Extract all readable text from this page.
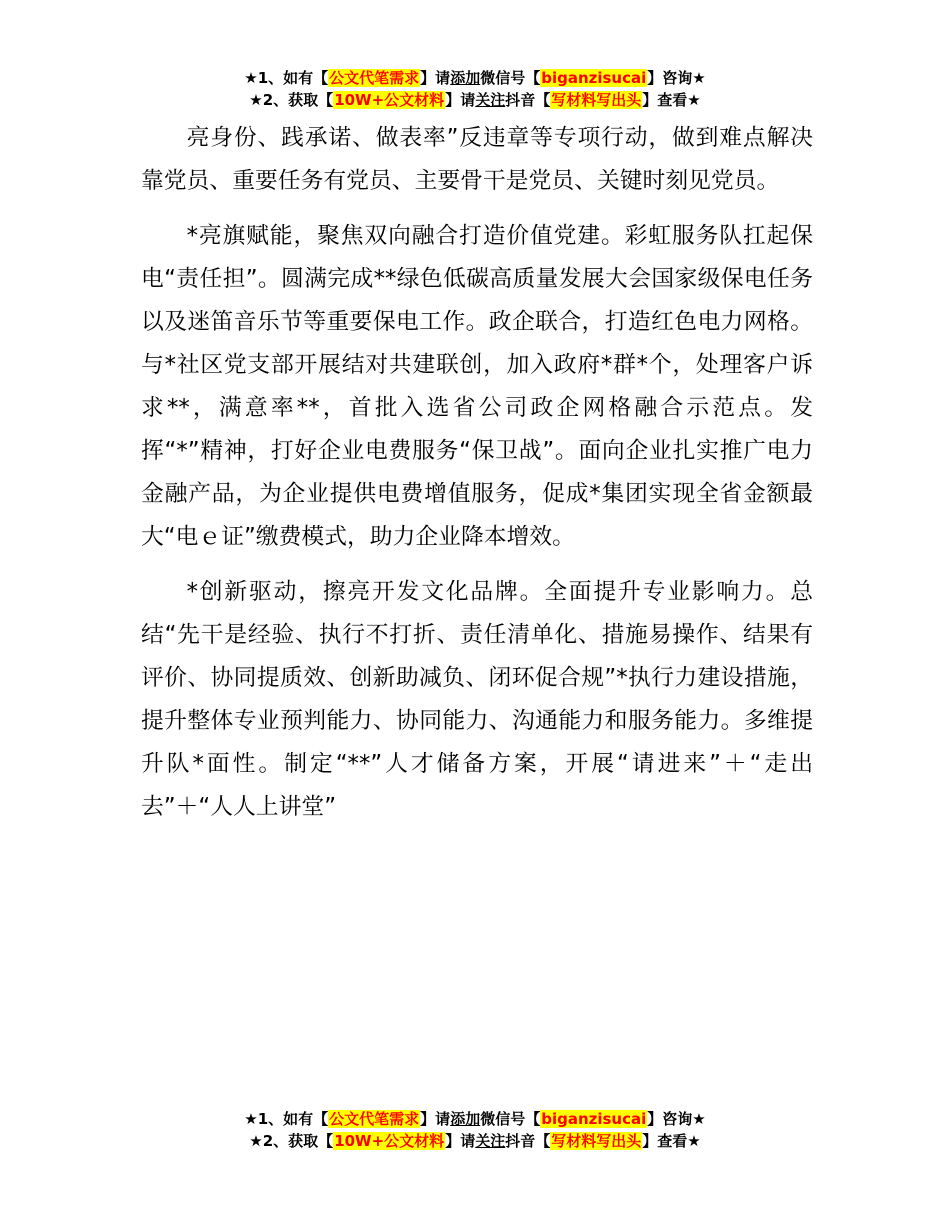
★1、如有【公文代笔需求】请添加微信号【biganzisucai】咨询★
★2、获取【10W+公文材料】请关注抖音【写材料写出头】查看★

亮身份、践承诺、做表率”反违章等专项行动，做到难点解决靠党员、重要任务有党员、主要骨干是党员、关键时刻见党员。

*亮旗赋能，聚焦双向融合打造价值党建。彩虹服务队扛起保电“责任担”。圆满完成**绿色低碳高质量发展大会国家级保电任务以及迷笛音乐节等重要保电工作。政企联合，打造红色电力网格。与*社区党支部开展结对共建联创，加入政府*群*个，处理客户诉求**，满意率**，首批入选省公司政企网格融合示范点。发挥“*”精神，打好企业电费服务“保卫战”。面向企业扎实推广电力金融产品，为企业提供电费增值服务，促成*集团实现全省金额最大“电ｅ证”缴费模式，助力企业降本增效。

*创新驱动，擦亮开发文化品牌。全面提升专业影响力。总结“先干是经验、执行不打折、责任清单化、措施易操作、结果有评价、协同提质效、创新助减负、闭环促合规”*执行力建设措施，提升整体专业预判能力、协同能力、沟通能力和服务能力。多维提升队*面性。制定“**”人才储备方案，开展“请进来”＋“走出去”＋“人人上讲堂”

★1、如有【公文代笔需求】请添加微信号【biganzisucai】咨询★
★2、获取【10W+公文材料】请关注抖音【写材料写出头】查看★
